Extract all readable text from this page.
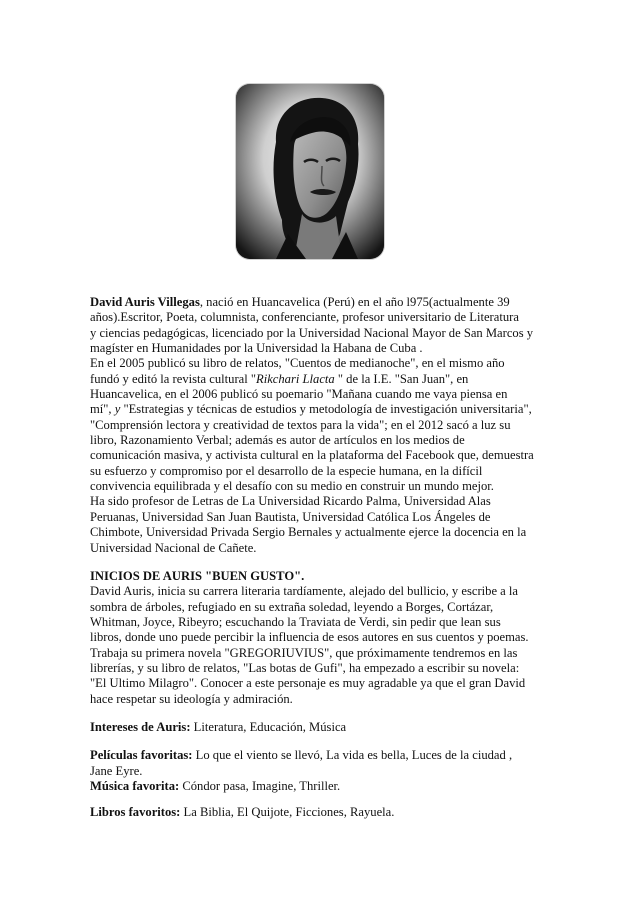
David Auris Villegas, nació en Huancavelica (Perú) en el año l975(actualmente 39

años).Escritor, Poeta, columnista, conferenciante, profesor universitario de Literatura

y ciencias pedagógicas, licenciado por la Universidad Nacional Mayor de San Marcos y

magíster en Humanidades por la Universidad la Habana de Cuba .

En el 2005 publicó su libro de relatos, "Cuentos de medianoche", en el mismo año

fundó y editó la revista cultural "Rikchari Llacta " de la I.E. "San Juan", en

Huancavelica, en el 2006 publicó su poemario "Mañana cuando me vaya piensa en

mí", y "Estrategias y técnicas de estudios y metodología de investigación universitaria",

"Comprensión lectora y creatividad de textos para la vida"; en el 2012 sacó a luz su

libro, Razonamiento Verbal; además es autor de artículos en los medios de

comunicación masiva, y activista cultural en la plataforma del Facebook que, demuestra

su esfuerzo y compromiso por el desarrollo de la especie humana, en la difícil

convivencia equilibrada y el desafío con su medio en construir un mundo mejor.

Ha sido profesor de Letras de La Universidad Ricardo Palma, Universidad Alas

Peruanas, Universidad San Juan Bautista, Universidad Católica Los Ángeles de

Chimbote, Universidad Privada Sergio Bernales y actualmente ejerce la docencia en la

Universidad Nacional de Cañete.

INICIOS DE AURIS "BUEN GUSTO".

David Auris, inicia su carrera literaria tardíamente, alejado del bullicio, y escribe a la

sombra de árboles, refugiado en su extraña soledad, leyendo a Borges, Cortázar,

Whitman, Joyce, Ribeyro; escuchando la Traviata de Verdi, sin pedir que lean sus

libros, donde uno puede percibir la influencia de esos autores en sus cuentos y poemas.

Trabaja su primera novela "GREGORIUVIUS", que próximamente tendremos en las

librerías, y su libro de relatos, "Las botas de Gufi", ha empezado a escribir su novela:

"El Ultimo Milagro". Conocer a este personaje es muy agradable ya que el gran David

hace respetar su ideología y admiración.

Intereses de Auris: Literatura, Educación, Música

Películas favoritas: Lo que el viento se llevó, La vida es bella, Luces de la ciudad ,

Jane Eyre.

Música favorita: Cóndor pasa, Imagine, Thriller.

Libros favoritos: La Biblia, El Quijote, Ficciones, Rayuela.
